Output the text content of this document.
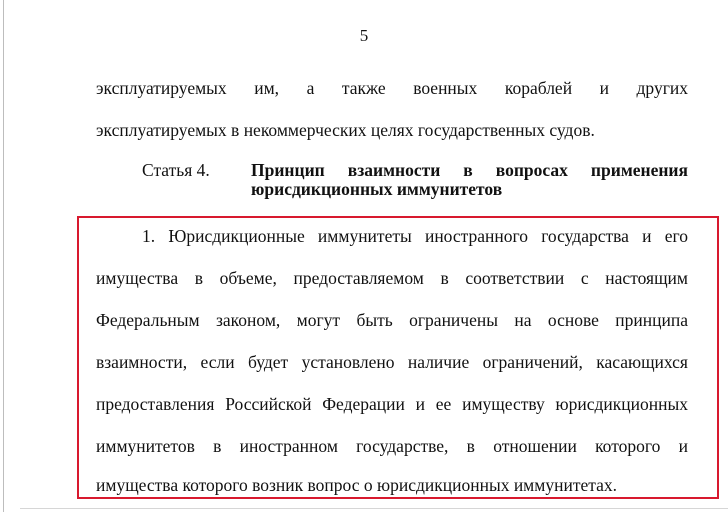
5
эксплуатируемых им, а также военных кораблей и других
эксплуатируемых в некоммерческих целях государственных судов.
Статья 4. Принцип взаимности в вопросах применения
юрисдикционных иммунитетов
1. Юрисдикционные иммунитеты иностранного государства и его
имущества в объеме, предоставляемом в соответствии с настоящим
Федеральным законом, могут быть ограничены на основе принципа
взаимности, если будет установлено наличие ограничений, касающихся
предоставления Российской Федерации и ее имуществу юрисдикционных
иммунитетов в иностранном государстве, в отношении которого и
имущества которого возник вопрос о юрисдикционных иммунитетах.
